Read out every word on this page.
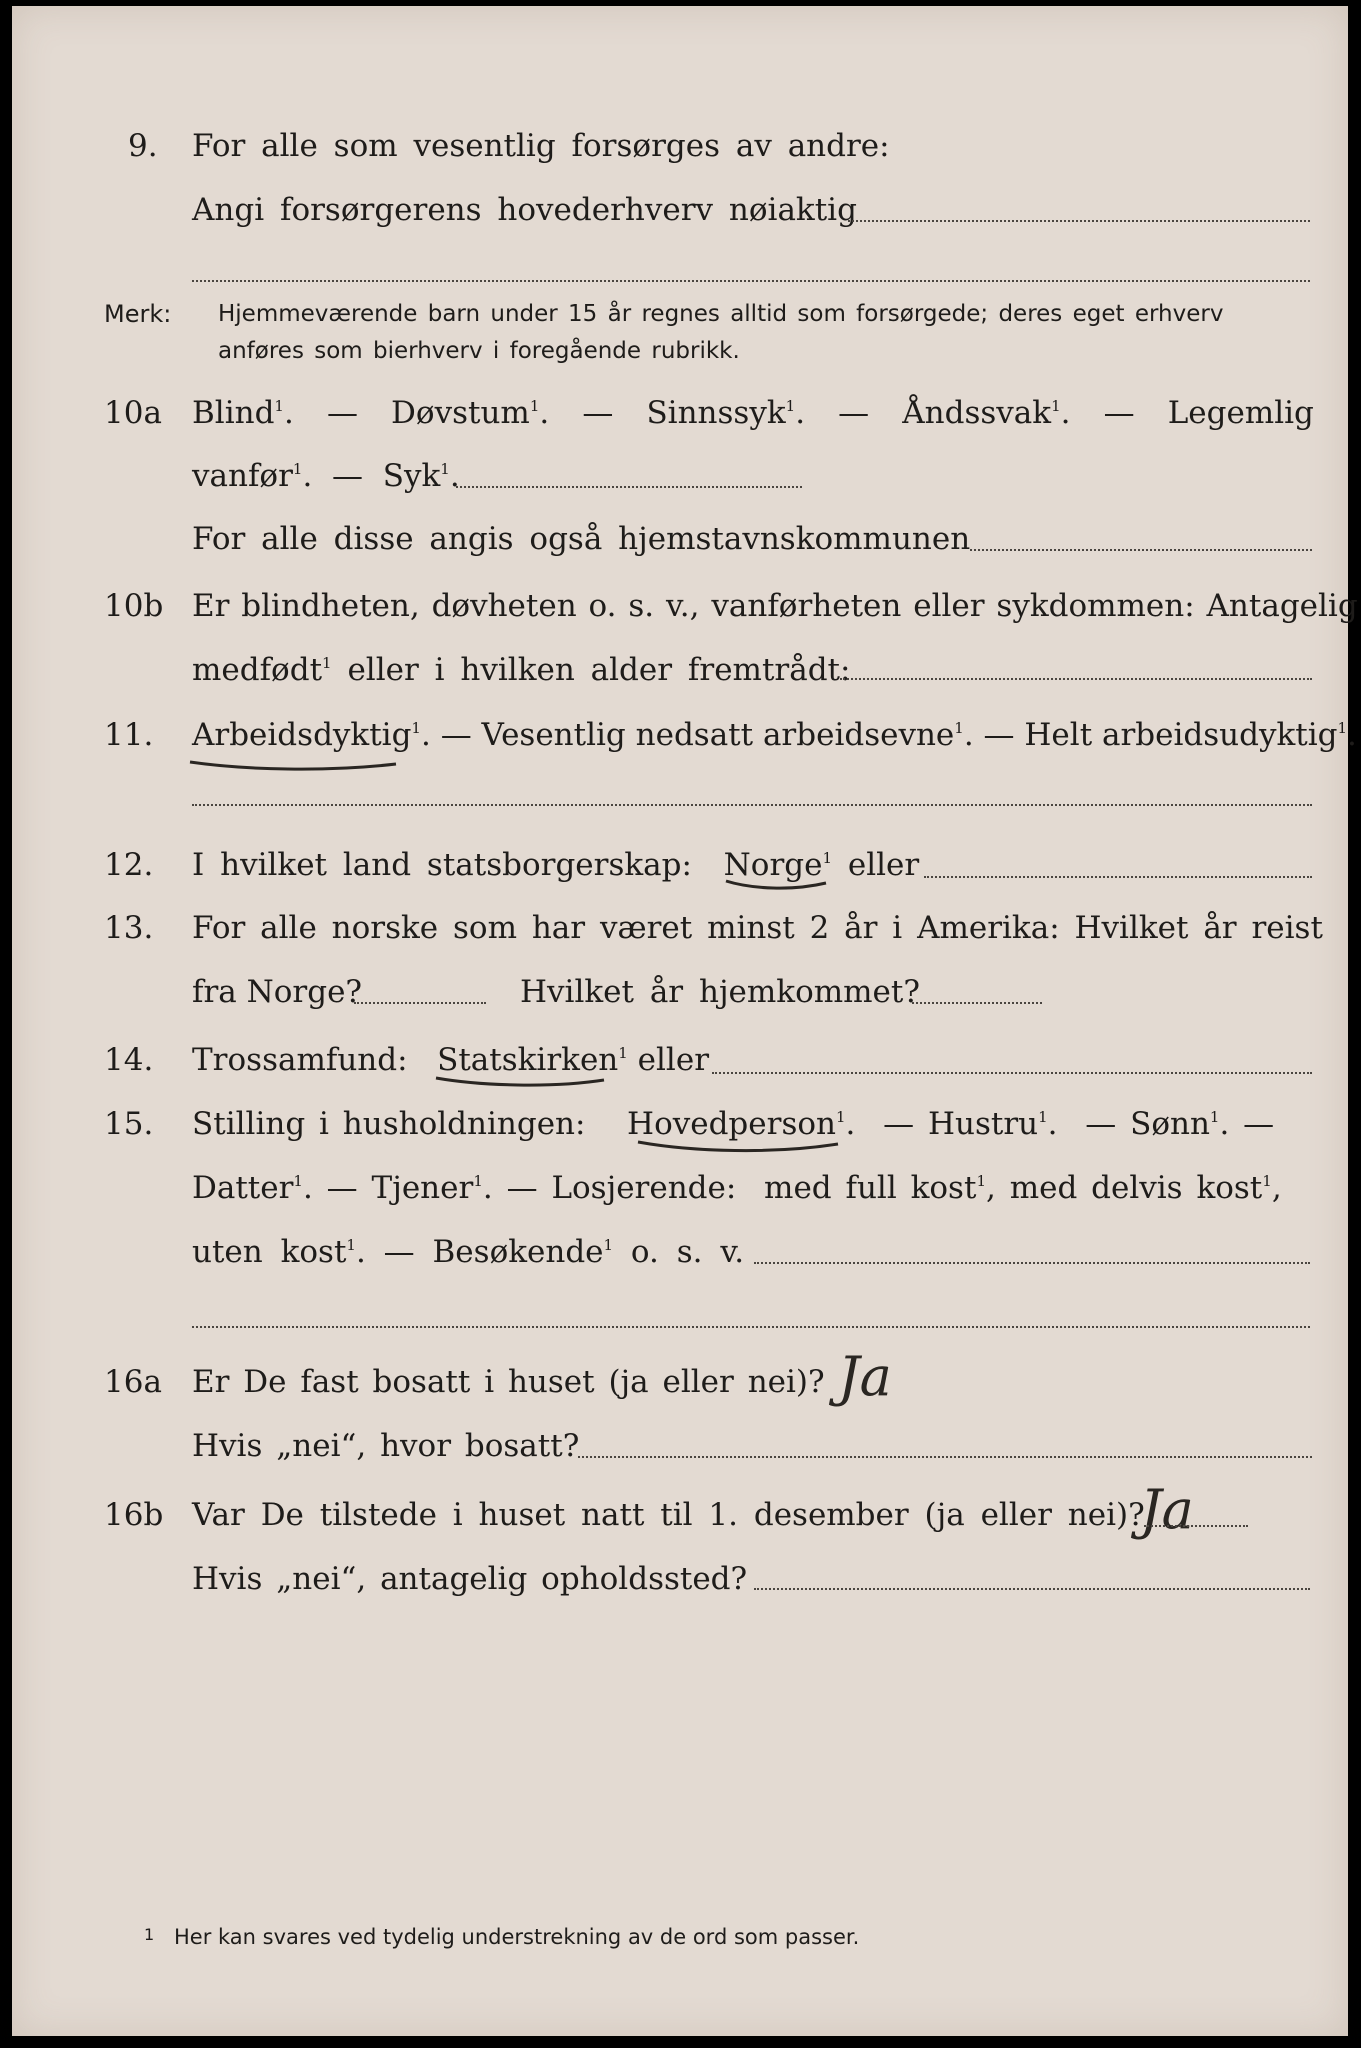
9. For alle som vesentlig forsørges av andre:
Angi forsørgerens hovederhverv nøiaktig
Merk: Hjemmeværende barn under 15 år regnes alltid som forsørgede; deres eget erhverv
anføres som bierhverv i foregående rubrikk.
10a Blind$^1$. — Døvstum$^1$. — Sinnssyk$^1$. — Åndssvak$^1$. — Legemlig
vanfør$^1$.  —  Syk$^1$.
For alle disse angis også hjemstavnskommunen
10b Er blindheten, døvheten o. s. v., vanførheten eller sykdommen: Antagelig
medfødt$^1$ eller i hvilken alder fremtrådt:
11. Arbeidsdyktig$^1$. — Vesentlig nedsatt arbeidsevne$^1$. — Helt arbeidsudyktig$^1$.
12. I hvilket land statsborgerskap: Norge$^1$ eller
13. For alle norske som har været minst 2 år i Amerika: Hvilket år reist
fra Norge?	Hvilket år hjemkommet?
14. Trossamfund: Statskirken$^1$ eller
15. Stilling i husholdningen: Hovedperson$^1$.  — Hustru$^1$.  — Sønn$^1$. —
Datter$^1$. — Tjener$^1$. — Losjerende: med full kost$^1$, med delvis kost$^1$,
uten kost$^1$. — Besøkende$^1$ o. s. v.
16a Er De fast bosatt i huset (ja eller nei)? Ja
Hvis „nei“, hvor bosatt?
16b Var De tilstede i huset natt til 1. desember (ja eller nei)?
Ja
Hvis „nei“, antagelig opholdssted?
1 Her kan svares ved tydelig understrekning av de ord som passer.
